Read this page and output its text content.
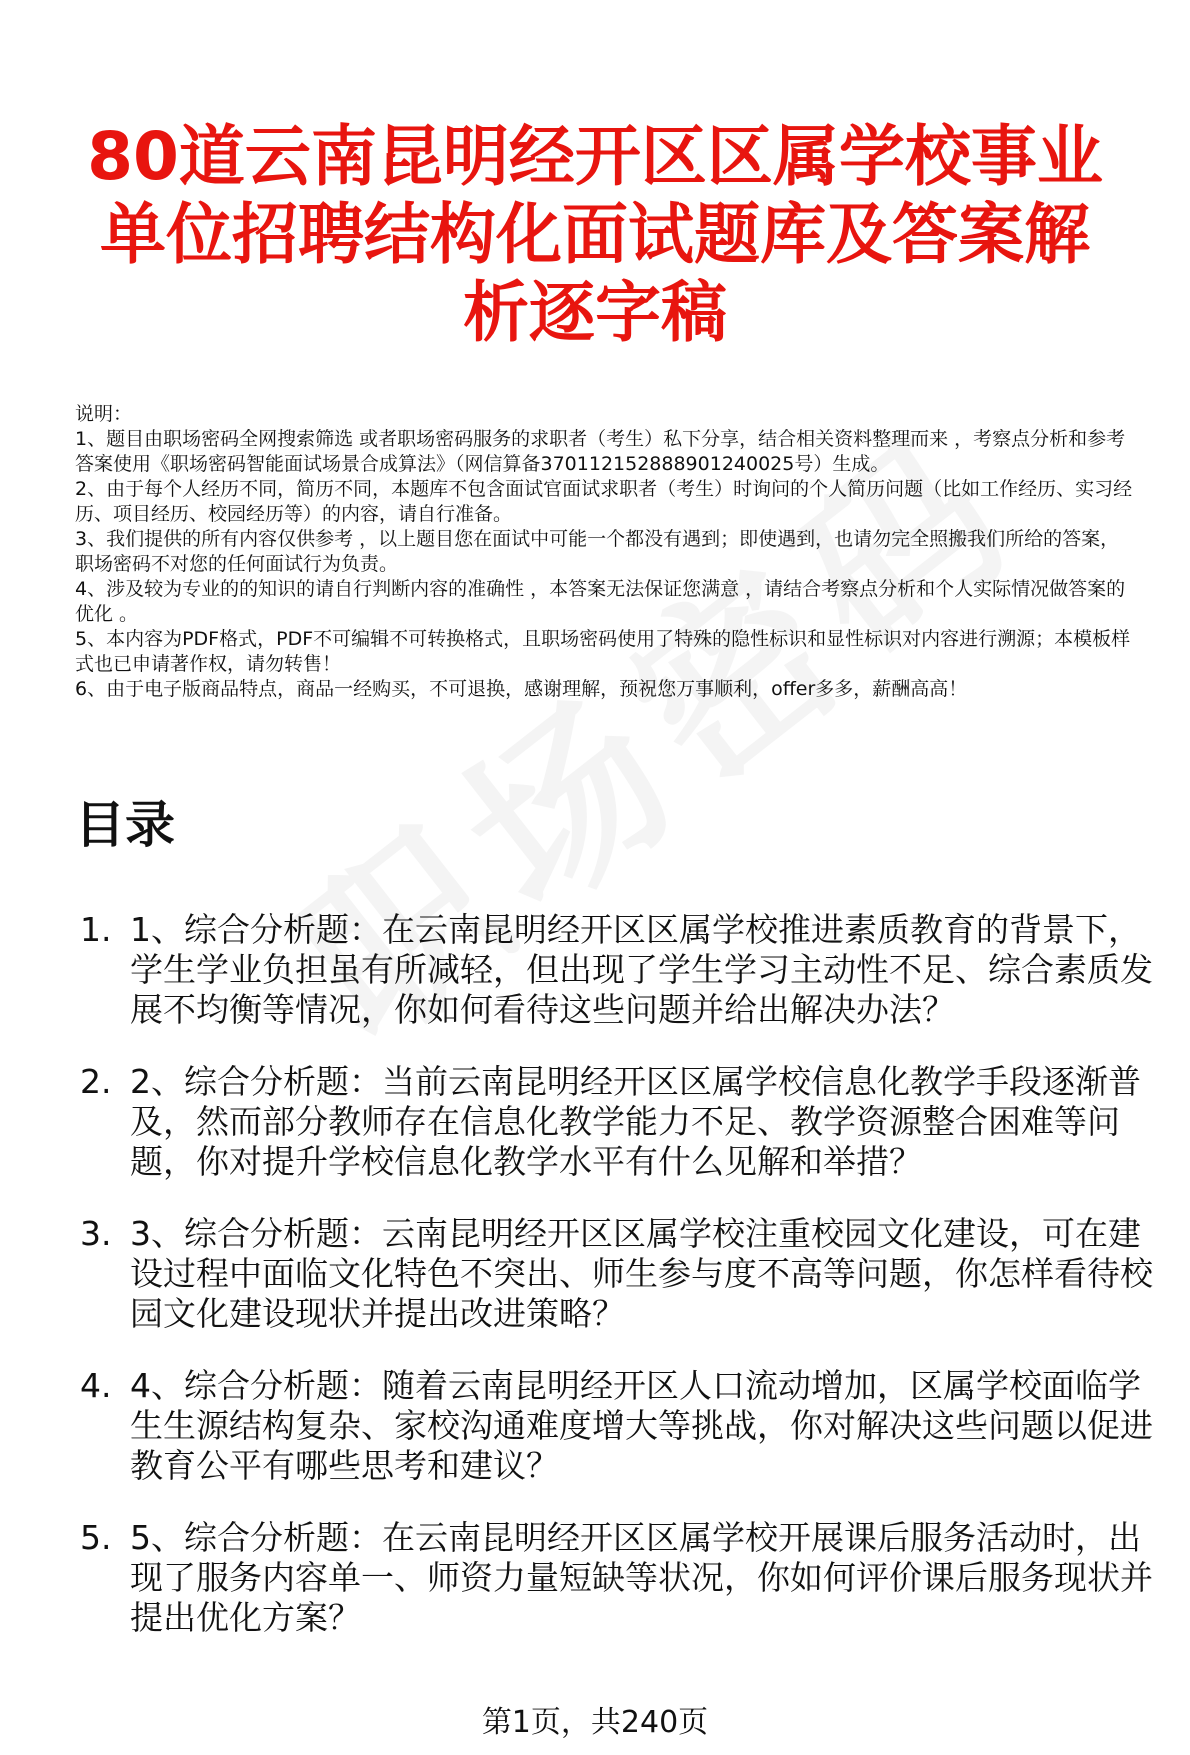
80道云南昆明经开区区属学校事业单位招聘结构化面试题库及答案解析逐字稿
说明：
1、题目由职场密码全网搜索筛选 或者职场密码服务的求职者（考生）私下分享，结合相关资料整理而来 ，考察点分析和参考答案使用《职场密码智能面试场景合成算法》（网信算备370112152888901240025号）生成。
2、由于每个人经历不同，简历不同，本题库不包含面试官面试求职者（考生）时询问的个人简历问题（比如工作经历、实习经历、项目经历、校园经历等）的内容，请自行准备。
3、我们提供的所有内容仅供参考 ，以上题目您在面试中可能一个都没有遇到；即使遇到，也请勿完全照搬我们所给的答案，职场密码不对您的任何面试行为负责。
4、涉及较为专业的的知识的请自行判断内容的准确性 ，本答案无法保证您满意 ，请结合考察点分析和个人实际情况做答案的优化 。
5、本内容为PDF格式，PDF不可编辑不可转换格式，且职场密码使用了特殊的隐性标识和显性标识对内容进行溯源；本模板样式也已申请著作权，请勿转售！
6、由于电子版商品特点，商品一经购买，不可退换，感谢理解，预祝您万事顺利，offer多多，薪酬高高！
目录
1. 1、综合分析题：在云南昆明经开区区属学校推进素质教育的背景下，学生学业负担虽有所减轻，但出现了学生学习主动性不足、综合素质发展不均衡等情况，你如何看待这些问题并给出解决办法？
2. 2、综合分析题：当前云南昆明经开区区属学校信息化教学手段逐渐普及，然而部分教师存在信息化教学能力不足、教学资源整合困难等问题，你对提升学校信息化教学水平有什么见解和举措？
3. 3、综合分析题：云南昆明经开区区属学校注重校园文化建设，可在建设过程中面临文化特色不突出、师生参与度不高等问题，你怎样看待校园文化建设现状并提出改进策略？
4. 4、综合分析题：随着云南昆明经开区人口流动增加，区属学校面临学生生源结构复杂、家校沟通难度增大等挑战，你对解决这些问题以促进教育公平有哪些思考和建议？
5. 5、综合分析题：在云南昆明经开区区属学校开展课后服务活动时，出现了服务内容单一、师资力量短缺等状况，你如何评价课后服务现状并提出优化方案？
第1页，共240页
